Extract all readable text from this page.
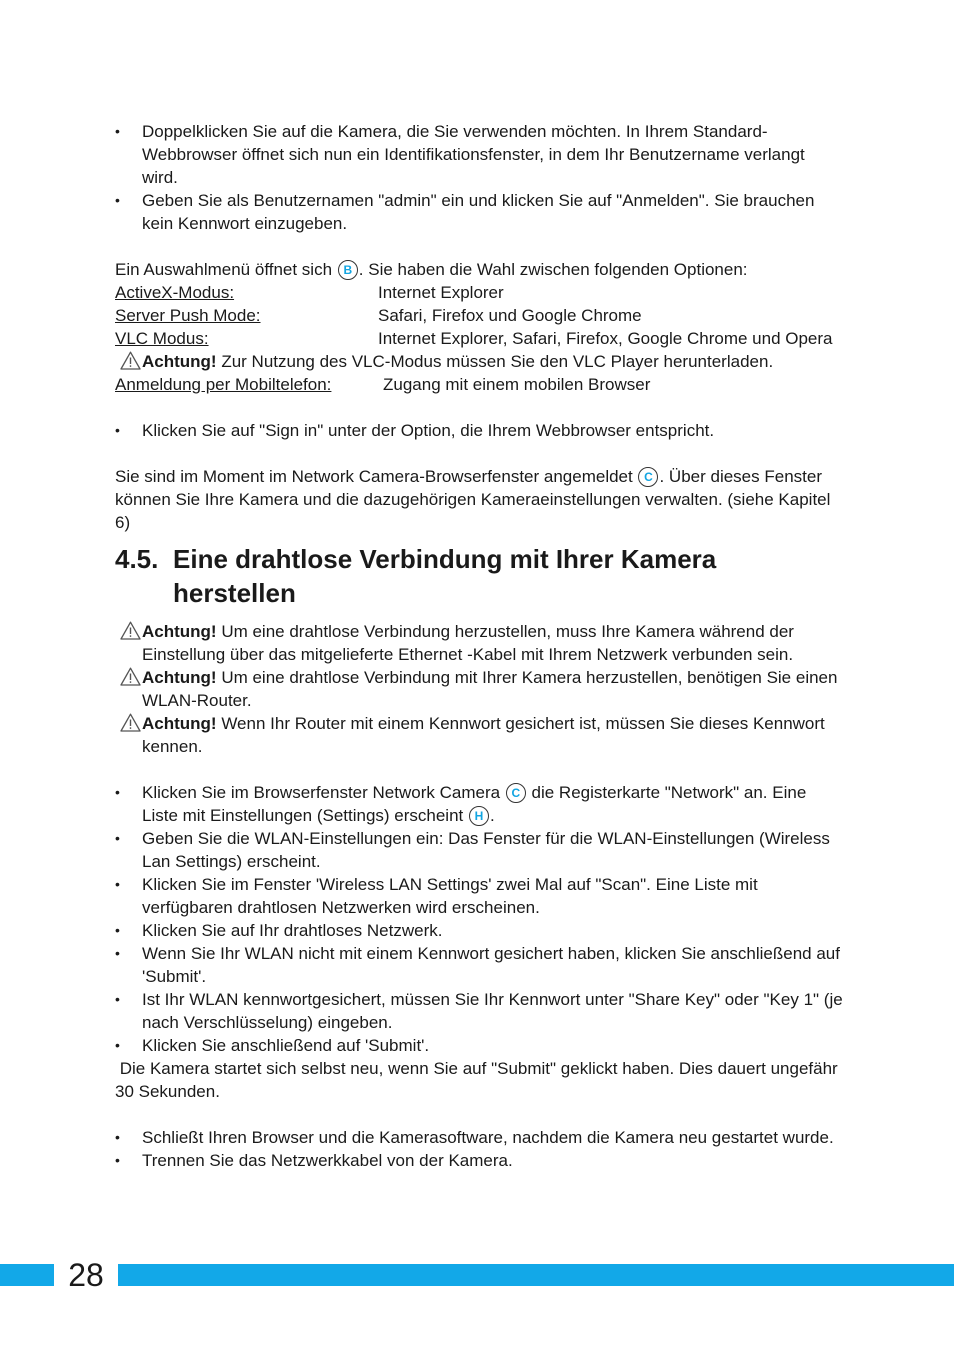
• Doppelklicken Sie auf die Kamera, die Sie verwenden möchten. In Ihrem Standard-Webbrowser öffnet sich nun ein Identifikationsfenster, in dem Ihr Benutzername verlangt wird.
• Geben Sie als Benutzernamen "admin" ein und klicken Sie auf "Anmelden". Sie brauchen kein Kennwort einzugeben.

Ein Auswahlmenü öffnet sich B . Sie haben die Wahl zwischen folgenden Optionen:

ActiveX-Modus:	Internet Explorer
Server Push Mode:	Safari, Firefox und Google Chrome
VLC Modus:	Internet Explorer, Safari, Firefox, Google Chrome und Opera
Achtung! Zur Nutzung des VLC-Modus müssen Sie den VLC Player herunterladen.
Anmeldung per Mobiltelefon:	Zugang mit einem mobilen Browser
• Klicken Sie auf "Sign in" unter der Option, die Ihrem Webbrowser entspricht.

Sie sind im Moment im Network Camera-Browserfenster angemeldet C . Über dieses Fenster können Sie Ihre Kamera und die dazugehörigen Kameraeinstellungen verwalten. (siehe Kapitel 6)

4.5. Eine drahtlose Verbindung mit Ihrer Kamera herstellen
Achtung! Um eine drahtlose Verbindung herzustellen, muss Ihre Kamera während der Einstellung über das mitgelieferte Ethernet -Kabel mit Ihrem Netzwerk verbunden sein.
Achtung! Um eine drahtlose Verbindung mit Ihrer Kamera herzustellen, benötigen Sie einen WLAN-Router.
Achtung! Wenn Ihr Router mit einem Kennwort gesichert ist, müssen Sie dieses Kennwort kennen.
• Klicken Sie im Browserfenster Network Camera C die Registerkarte "Network" an. Eine Liste mit Einstellungen (Settings) erscheint H .
• Geben Sie die WLAN-Einstellungen ein: Das Fenster für die WLAN-Einstellungen (Wireless Lan Settings) erscheint.
• Klicken Sie im Fenster 'Wireless LAN Settings' zwei Mal auf "Scan". Eine Liste mit verfügbaren drahtlosen Netzwerken wird erscheinen.
• Klicken Sie auf Ihr drahtloses Netzwerk.
• Wenn Sie Ihr WLAN nicht mit einem Kennwort gesichert haben, klicken Sie anschließend auf 'Submit'.
• Ist Ihr WLAN kennwortgesichert, müssen Sie Ihr Kennwort unter "Share Key" oder "Key 1" (je nach Verschlüsselung) eingeben.
• Klicken Sie anschließend auf 'Submit'.

Die Kamera startet sich selbst neu, wenn Sie auf "Submit" geklickt haben. Dies dauert ungefähr 30 Sekunden.

• Schließt Ihren Browser und die Kamerasoftware, nachdem die Kamera neu gestartet wurde.
• Trennen Sie das Netzwerkkabel von der Kamera.
28
